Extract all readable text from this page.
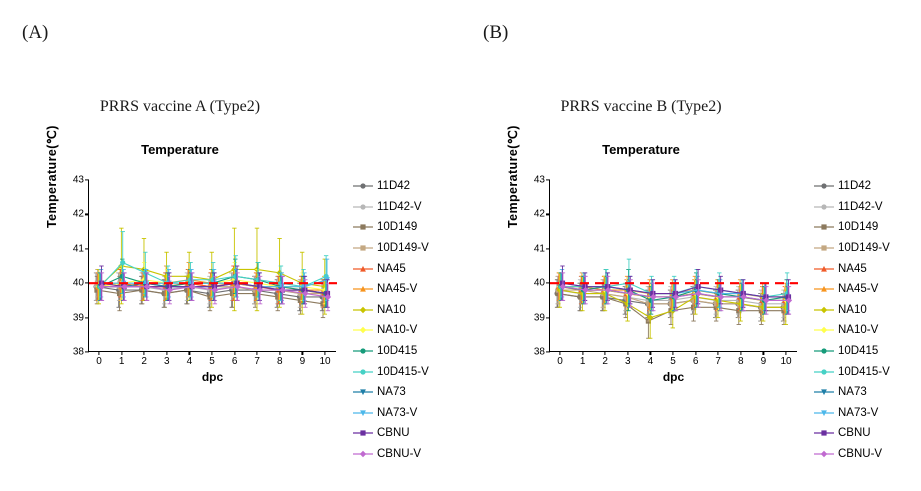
(A)
PRRS vaccine A (Type2)
Temperature
Temperature(℃) 43
42
41
40
39
38
0 1 2 3 4 5 6 7 8 9 10
dpc
11D42
11D42-V
10D149
10D149-V
NA45
NA45-V
NA10
NA10-V
10D415
10D415-V
NA73
NA73-V
CBNU
CBNU-V
(B)
PRRS vaccine B (Type2)
Temperature
Temperature(℃) 43
42
41
40
39
38
0 1 2 3 4 5 6 7 8 9 10
dpc
11D42
11D42-V
10D149
10D149-V
NA45
NA45-V
NA10
NA10-V
10D415
10D415-V
NA73
NA73-V
CBNU
CBNU-V
